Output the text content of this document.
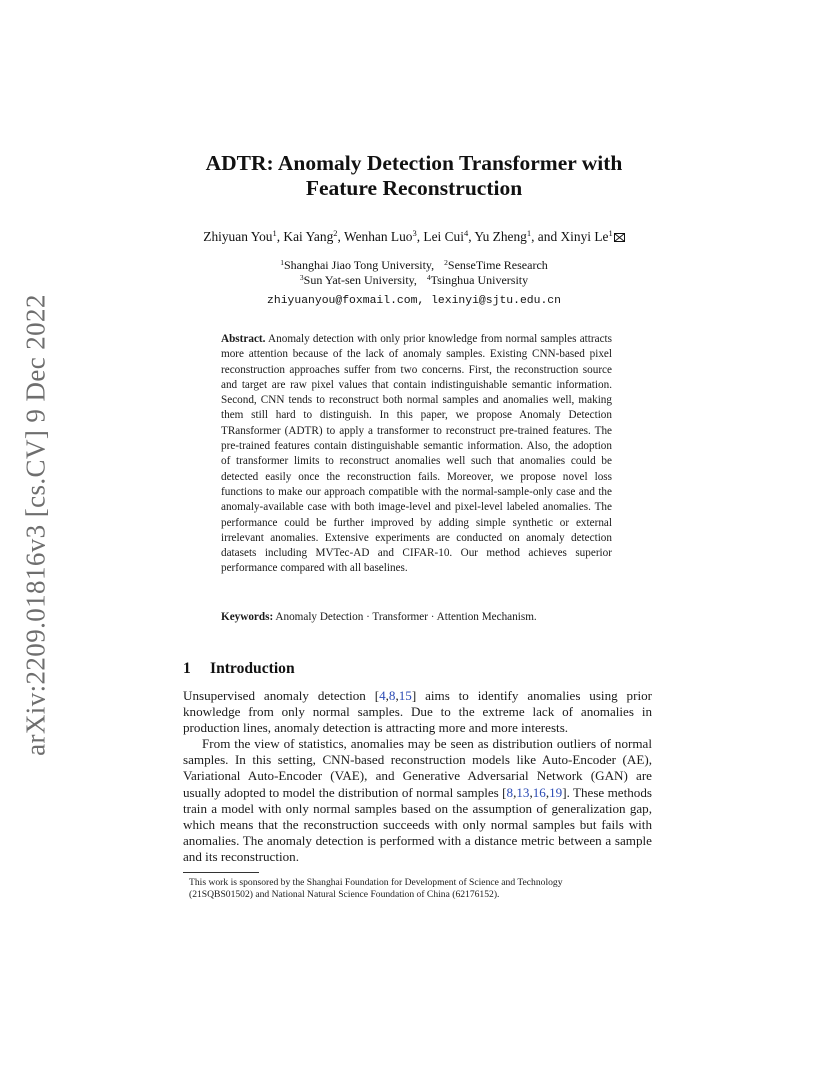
arXiv:2209.01816v3 [cs.CV] 9 Dec 2022
ADTR: Anomaly Detection Transformer with
Feature Reconstruction
Zhiyuan You$^1$, Kai Yang$^2$, Wenhan Luo$^3$, Lei Cui$^4$, Yu Zheng$^1$, and Xinyi Le$^1$
$^1$Shanghai Jiao Tong University, $^2$SenseTime Research
$^3$Sun Yat-sen University, $^4$Tsinghua University
zhiyuanyou@foxmail.com, lexinyi@sjtu.edu.cn
Abstract. Anomaly detection with only prior knowledge from normal samples attracts more attention because of the lack of anomaly samples. Existing CNN-based pixel reconstruction approaches suffer from two concerns. First, the reconstruction source and target are raw pixel values that contain indistinguishable semantic information. Second, CNN tends to reconstruct both normal samples and anomalies well, making them still hard to distinguish. In this paper, we propose Anomaly Detection TRansformer (ADTR) to apply a transformer to reconstruct pre-trained features. The pre-trained features contain distinguishable semantic information. Also, the adoption of transformer limits to reconstruct anomalies well such that anomalies could be detected easily once the reconstruction fails. Moreover, we propose novel loss functions to make our approach compatible with the normal-sample-only case and the anomaly-available case with both image-level and pixel-level labeled anomalies. The performance could be further improved by adding simple synthetic or external irrelevant anomalies. Extensive experiments are conducted on anomaly detection datasets including MVTec-AD and CIFAR-10. Our method achieves superior performance compared with all baselines.
Keywords: Anomaly Detection · Transformer · Attention Mechanism.
1 Introduction

Unsupervised anomaly detection [4,8,15] aims to identify anomalies using prior knowledge from only normal samples. Due to the extreme lack of anomalies in production lines, anomaly detection is attracting more and more interests.

From the view of statistics, anomalies may be seen as distribution outliers of normal samples. In this setting, CNN-based reconstruction models like Auto-Encoder (AE), Variational Auto-Encoder (VAE), and Generative Adversarial Network (GAN) are usually adopted to model the distribution of normal samples [8,13,16,19]. These methods train a model with only normal samples based on the assumption of generalization gap, which means that the reconstruction succeeds with only normal samples but fails with anomalies. The anomaly detection is performed with a distance metric between a sample and its reconstruction.

This work is sponsored by the Shanghai Foundation for Development of Science and Technology
(21SQBS01502) and National Natural Science Foundation of China (62176152).
